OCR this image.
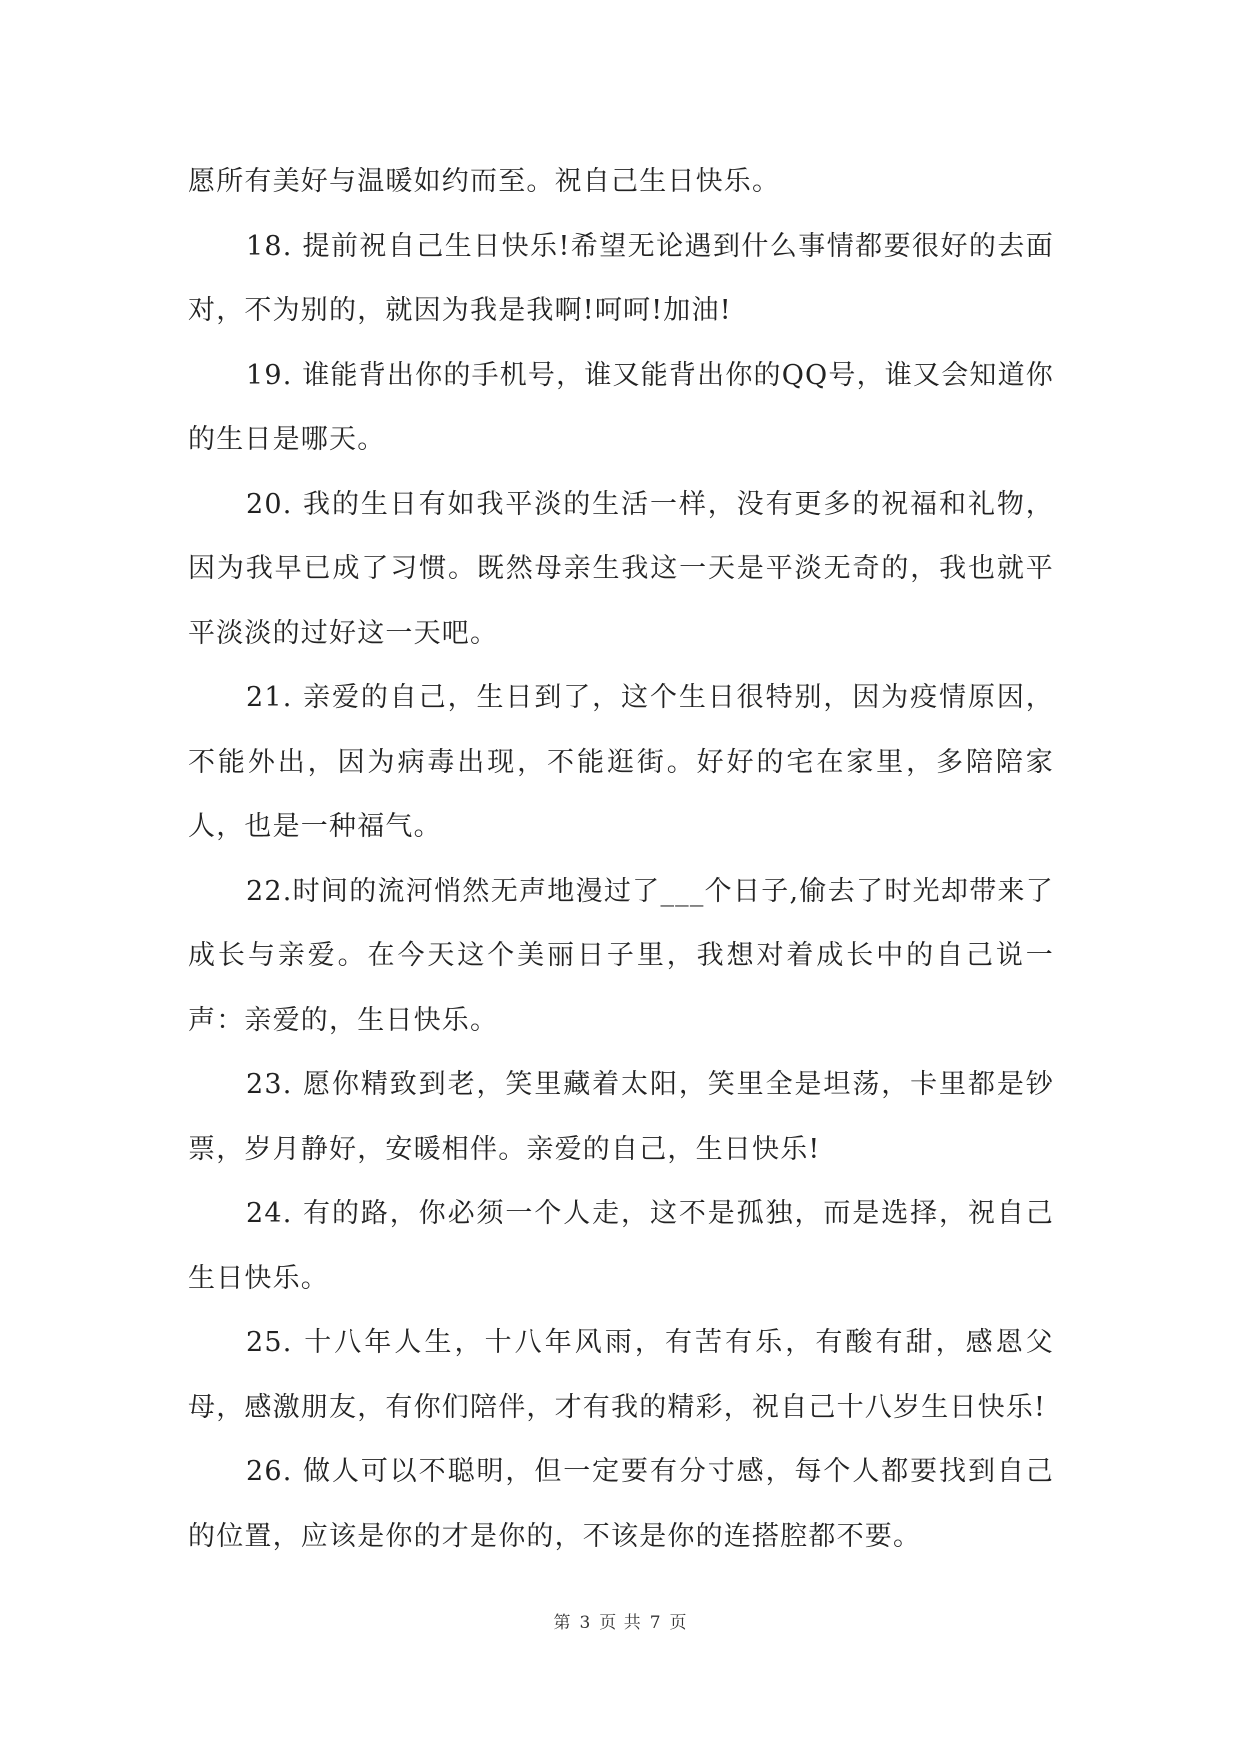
愿所有美好与温暖如约而至。祝自己生日快乐。

18. 提前祝自己生日快乐!希望无论遇到什么事情都要很好的去面对，不为别的，就因为我是我啊!呵呵!加油!

19. 谁能背出你的手机号，谁又能背出你的QQ号，谁又会知道你的生日是哪天。

20. 我的生日有如我平淡的生活一样，没有更多的祝福和礼物，因为我早已成了习惯。既然母亲生我这一天是平淡无奇的，我也就平平淡淡的过好这一天吧。

21. 亲爱的自己，生日到了，这个生日很特别，因为疫情原因，不能外出，因为病毒出现，不能逛街。好好的宅在家里，多陪陪家人，也是一种福气。

22.时间的流河悄然无声地漫过了___个日子,偷去了时光却带来了成长与亲爱。在今天这个美丽日子里，我想对着成长中的自己说一声：亲爱的，生日快乐。

23. 愿你精致到老，笑里藏着太阳，笑里全是坦荡，卡里都是钞票，岁月静好，安暖相伴。亲爱的自己，生日快乐!

24. 有的路，你必须一个人走，这不是孤独，而是选择，祝自己生日快乐。

25. 十八年人生，十八年风雨，有苦有乐，有酸有甜，感恩父母，感激朋友，有你们陪伴，才有我的精彩，祝自己十八岁生日快乐!

26. 做人可以不聪明，但一定要有分寸感，每个人都要找到自己的位置，应该是你的才是你的，不该是你的连搭腔都不要。

第 3 页 共 7 页
